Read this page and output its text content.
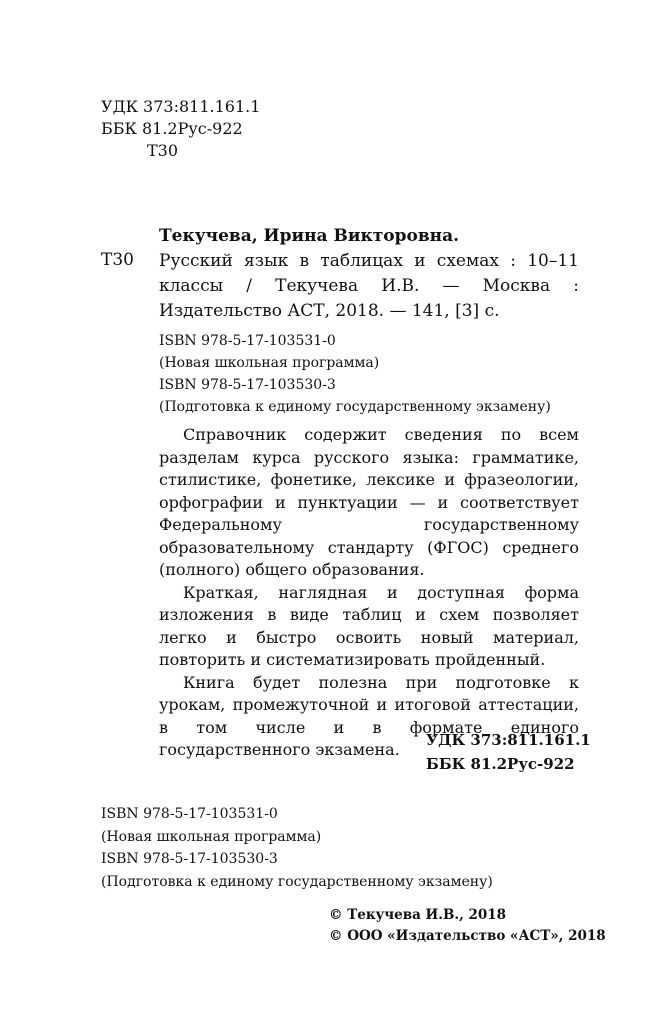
УДК 373:811.161.1
ББК 81.2Рус-922
Т30
Текучева, Ирина Викторовна.
Т30 Русский язык в таблицах и схемах : 10–11 классы / Текучева И.В. — Москва : Издательство АСТ, 2018. — 141, [3] с.
ISBN 978-5-17-103531-0
(Новая школьная программа)
ISBN 978-5-17-103530-3
(Подготовка к единому государственному экзамену)

Справочник содержит сведения по всем разделам курса русского языка: грамматике, стилистике, фонетике, лексике и фразеологии, орфографии и пунктуации — и соответствует Федеральному государственному образовательному стандарту (ФГОС) среднего (полного) общего образования.

Краткая, наглядная и доступная форма изложения в виде таблиц и схем позволяет легко и быстро освоить новый материал, повторить и систематизировать пройденный.

Книга будет полезна при подготовке к урокам, промежуточной и итоговой аттестации, в том числе и в формате единого государственного экзамена.	УДК 373:811.161.1
ББК 81.2Рус-922
ISBN 978-5-17-103531-0
(Новая школьная программа)
ISBN 978-5-17-103530-3
(Подготовка к единому государственному экзамену)
© Текучева И.В., 2018
© ООО «Издательство «АСТ», 2018
